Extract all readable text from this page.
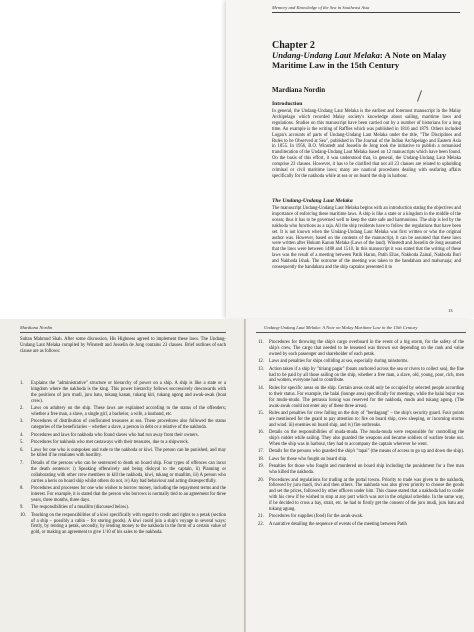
Memory and Knowledge of the Sea in Southeast Asia
Chapter 2
Undang-Undang Laut Melaka: A Note on Malay Maritime Law in the 15th Century
Mardiana Nordin
Introduction
In general, the Undang-Undang Laut Melaka is the earliest and foremost manuscript in the Malay Archipelago which recorded Malay society's knowledge about sailing, maritime laws and regulations. Studies on this manuscript have been carried out by a number of historians for a long time. An example is the writing of Raffles which was published in 1816 and 1879. Others included Logan's accounts of parts of Undang-Undang Laut Melaka under the title, "The Disciplines and Rules to be Observed at Sea", published in The Journal of the Indian Archipelago and Eastern Asia in 1855. In 1956, R.O. Winstedt and Josselin de Jong took the initiative to publish a romanised transliteration of the Undang-Undang Laut Melaka based on 12 manuscripts which have been found. On the basis of this effort, it was understood that, in general, the Undang-Undang Laut Melaka comprise 23 clauses. However, it has to be clarified that not all 23 clauses are related to upholding criminal or civil maritime laws; many are nautical procedures dealing with seafaring affairs specifically for the nakhoda while at sea or on board the ship in harbour.
The Undang-Undang Laut Melaka
The manuscript Undang-Undang Laut Melaka begins with an introduction stating the objectives and importance of enforcing these maritime laws. A ship is like a state or a kingdom in the middle of the ocean; thus it has to be governed well to keep the state safe and harmonious. The ship is led by the nakhoda who functions as a raja. All the ship residents have to follow the regulations that have been set. It is not known when the Undang-Undang Laut Melaka was first written or who the original author was. However, based on the contents of the manuscript, it can be assumed that these laws were written after Hukum Kanun Melaka (Laws of the land). Winstedt and Josselin de Jong assumed that the laws were between 1488 and 1510. In this manuscript it was stated that the writing of these laws was the result of a meeting between Patih Harun, Patih Elias, Nakhoda Zainal, Nakhoda Buri and Nakhoda Ishak. The outcome of the meeting was taken to the bandahara and mahuruaja; and consequently the bandahara and the ship captains presented it to
13
Mardiana Nordin
Sultan Mahmud Shah. After some discussion, His Highness agreed to implement these laws. The Undang-Undang Laut Melaka compiled by Winstedt and Josselin de Jong contains 23 clauses. Brief outlines of each clause are as follows:
1. Explains the "administrative" structure or hierarchy of power on a ship. A ship is like a state or a kingdom where the nakhoda is the king. This power hierarchy follows successively downwards with the positions of juru mudi, juru batu, tukang kanan, tukang kiri, tukang agong and awak-awak (boat crew).
2. Laws on adultery on the ship. These laws are explained according to the status of the offenders; whether a free man, a slave, a single girl, a bachelor, a wife, a husband, etc.
3. Procedures of distribution of confiscated treasures at sea. These procedures also followed the status categories of the beneficiaries – whether a slave, a person in debt or a relative of the nakhoda.
4. Procedures and laws for nakhoda who found slaves who had run away from their owners.
5. Procedures for nakhoda who met castaways with their treasures, due to a shipwreck.
6. Laws for one who is outspoken and rude to the nakhoda or kiwi. The person can be punished, and may be killed if he retaliates with hostility.
7. Details of the persons who can be sentenced to death on board ship. Four types of offences can incur the death sentence: i) Speaking offensively and being disloyal to the captain, ii) Planning or collaborating with other crew members to kill the nakhoda, kiwi, tukang or muallim, iii) A person who carries a keris on board ship whilst others do not, iv) Any bad behaviour and acting disrespectfully.
8. Procedures and processes for one who wishes to borrow money, including the repayment terms and the interest. For example, it is stated that the person who borrows is normally tied to an agreement for three years, three months, three days.
9. The responsibilities of a muallim (discussed below).
10. Teaching on the responsibilities of a kiwi specifically with regard to credit and rights to a petak (section of a ship – possibly a cabin – for storing goods). A kiwi could join a ship's voyage in several ways: firstly, by renting a petak, secondly, by lending money to the nakhoda in the form of a certain value of gold, or making an agreement to give 1/10 of his sales to the nakhoda.
Undang-Undang Laut Melaka: A Note on Malay Maritime Law in the 15th Century
11. Procedures for throwing the ship's cargo overboard in the event of a big storm, for the safety of the ship's crew. The cargo that needed to be lessened was thrown out depending on the rank and value owned by each passenger and shareholder of each petak.
12. Laws and penalties for ships colliding at sea, especially during rainstorms.
13. Action taken if a ship by "tiriang pagar" (boats anchored across the sea or rivers to collect sea), the fine had to be paid by all those sailing on the ship, whether a free man, a slave, old, young, poor, rich, men and women, everyone had to contribute.
14. Rules for specific areas on the ship. Certain areas could only be occupied by selected people according to their status. For example, the balai (lounge area) specifically for meetings, while the balai bujur was for mudo-mudo. The petrassa lorong was reserved for the nakhoda, mudo and tukang agung. (The awak-awak could not enter any of these three areas).
15. Rules and penalties for crew failing on the duty of "berdagang" – the ship's security guard. Four points are mentioned for the guard to pay attention to: fire on board ship, crew sleeping, or incoming storms and wind. iii) enemies on board ship, and iv) fire outbreaks.
16. Details on the responsibilities of muda-muda. The muda-muda were responsible for controlling the ship's rudder while sailing. They also guarded the weapons and became soldiers of warfare broke out. When the ship was in harbour, they had to accompany the captain wherever he went.
17. Details for the persons who guarded the ship's "tapai" (the means of access to go up and down the ship).
18. Laws for those who fought on board ship.
19. Penalties for those who fought and murdered on board ship including the punishment for a free man who killed the nakhoda.
20. Procedures and regulations for trading at the portal towns. Priority to trade was given to the nakhoda, followed by juru mudi, tiwi and then others. The nakhoda was also given priority to choose the goods and set the prices, followed by other officers under him. This clause stated that a nakhoda had to confer with his crew if he wished to stop at any port which was not in the original schedule. In the same way, if he decided to cross a bay, strait, etc. he had to firstly get the consent of the juru mudi, juru batu and tukang agung.
21. Procedures for supplies (food) for the awak-awak.
22. A narrative detailing the sequence of events of the meeting between Patih
